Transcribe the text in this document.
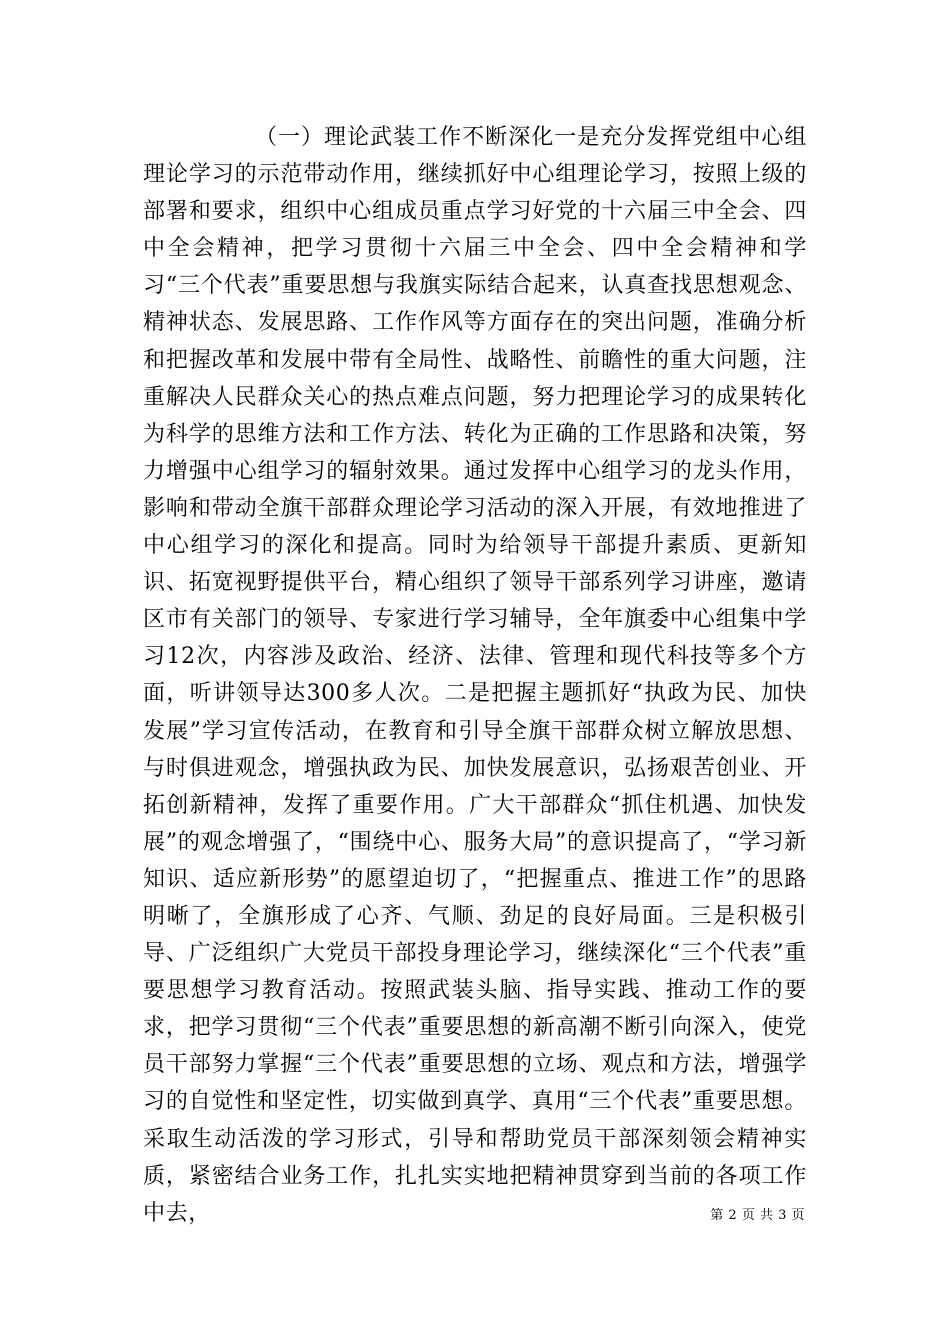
（一）理论武装工作不断深化一是充分发挥党组中心组理论学习的示范带动作用，继续抓好中心组理论学习，按照上级的部署和要求，组织中心组成员重点学习好党的十六届三中全会、四中全会精神，把学习贯彻十六届三中全会、四中全会精神和学习“三个代表”重要思想与我旗实际结合起来，认真查找思想观念、精神状态、发展思路、工作作风等方面存在的突出问题，准确分析和把握改革和发展中带有全局性、战略性、前瞻性的重大问题，注重解决人民群众关心的热点难点问题，努力把理论学习的成果转化为科学的思维方法和工作方法、转化为正确的工作思路和决策，努力增强中心组学习的辐射效果。通过发挥中心组学习的龙头作用，影响和带动全旗干部群众理论学习活动的深入开展，有效地推进了中心组学习的深化和提高。同时为给领导干部提升素质、更新知识、拓宽视野提供平台，精心组织了领导干部系列学习讲座，邀请区市有关部门的领导、专家进行学习辅导，全年旗委中心组集中学习12次，内容涉及政治、经济、法律、管理和现代科技等多个方面，听讲领导达300多人次。二是把握主题抓好“执政为民、加快发展”学习宣传活动，在教育和引导全旗干部群众树立解放思想、与时俱进观念，增强执政为民、加快发展意识，弘扬艰苦创业、开拓创新精神，发挥了重要作用。广大干部群众“抓住机遇、加快发展”的观念增强了，“围绕中心、服务大局”的意识提高了，“学习新知识、适应新形势”的愿望迫切了，“把握重点、推进工作”的思路明晰了，全旗形成了心齐、气顺、劲足的良好局面。三是积极引导、广泛组织广大党员干部投身理论学习，继续深化“三个代表”重要思想学习教育活动。按照武装头脑、指导实践、推动工作的要求，把学习贯彻“三个代表”重要思想的新高潮不断引向深入，使党员干部努力掌握“三个代表”重要思想的立场、观点和方法，增强学习的自觉性和坚定性，切实做到真学、真用“三个代表”重要思想。采取生动活泼的学习形式，引导和帮助党员干部深刻领会精神实质，紧密结合业务工作，扎扎实实地把精神贯穿到当前的各项工作中去，	第 2 页 共 3 页
